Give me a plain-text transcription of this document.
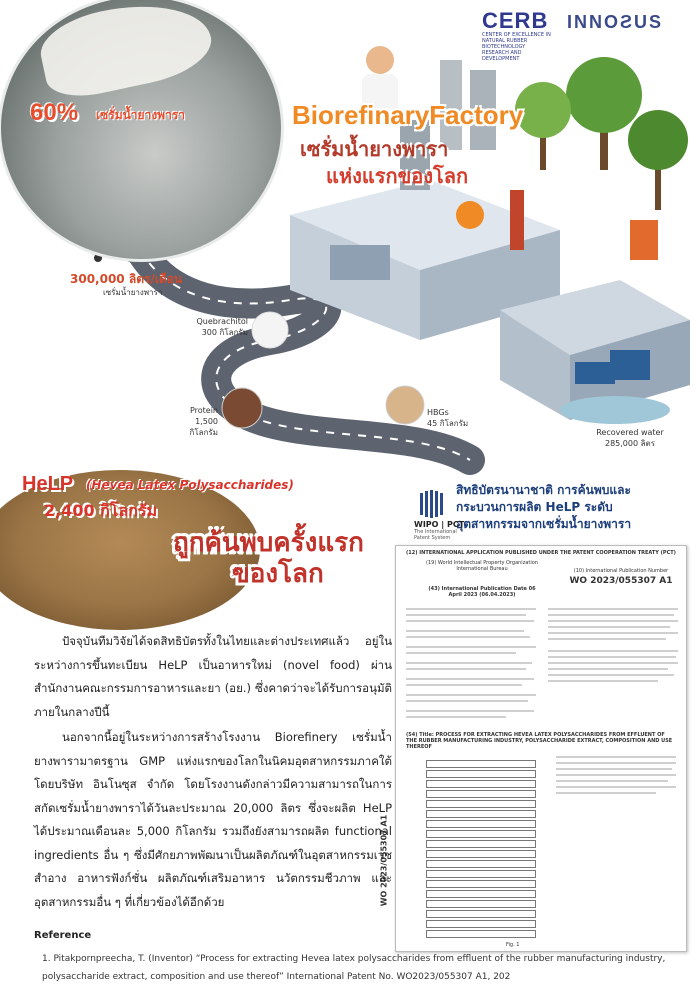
CERB
CENTER OF EXCELLENCE IN NATURAL RUBBER BIOTECHNOLOGY RESEARCH AND DEVELOPMENT
INNOƧUS
60% เซรั่มน้ำยางพารา	BiorefinaryFactory
เซรั่มน้ำยางพารา
แห่งแรกของโลก
300,000 ลิตร/เดือน
เซรั่มน้ำยางพารา
Quebrachitol
300 กิโลกรัม
Protein
1,500 กิโลกรัม
HBGs
45 กิโลกรัม
Recovered water
285,000 ลิตร
HeLP (Hevea Latex Polysaccharides)
2,400 กิโลกรัม
ถูกค้นพบครั้งแรก
ของโลก
สิทธิบัตรนานาชาติ การค้นพบและ
กระบวนการผลิต HeLP ระดับ
อุตสาหกรรมจากเซรั่มน้ำยางพารา
WIPO | PCT
The International Patent System
(12) INTERNATIONAL APPLICATION PUBLISHED UNDER THE PATENT COOPERATION TREATY (PCT)
(19) World Intellectual Property Organization International Bureau	(10) International Publication Number
WO 2023/055307 A1
(43) International Publication Date 06 April 2023 (06.04.2023)
(54) Title: PROCESS FOR EXTRACTING HEVEA LATEX POLYSACCHARIDES FROM EFFLUENT OF THE RUBBER MANUFACTURING INDUSTRY, POLYSACCHARIDE EXTRACT, COMPOSITION AND USE THEREOF
Fig. 1
WO 2023/055307 A1
ปัจจุบันทีมวิจัยได้จดสิทธิบัตรทั้งในไทยและต่างประเทศแล้ว อยู่ในระหว่างการขึ้นทะเบียน HeLP เป็นอาหารใหม่ (novel food) ผ่านสำนักงานคณะกรรมการอาหารและยา (อย.) ซึ่งคาดว่าจะได้รับการอนุมัติภายในกลางปีนี้
นอกจากนี้อยู่ในระหว่างการสร้างโรงงาน Biorefinery เซรั่มน้ำยางพารามาตรฐาน GMP แห่งแรกของโลกในนิคมอุตสาหกรรมภาคใต้ โดยบริษัท อินโนซุส จำกัด โดยโรงงานดังกล่าวมีความสามารถในการสกัดเซรั่มน้ำยางพาราได้วันละประมาณ 20,000 ลิตร ซึ่งจะผลิต HeLP ได้ประมาณเดือนละ 5,000 กิโลกรัม รวมถึงยังสามารถผลิต functional ingredients อื่น ๆ ซึ่งมีศักยภาพพัฒนาเป็นผลิตภัณฑ์ในอุตสาหกรรมเวชสำอาง อาหารฟังก์ชั่น ผลิตภัณฑ์เสริมอาหาร นวัตกรรมชีวภาพ และอุตสาหกรรมอื่น ๆ ที่เกี่ยวข้องได้อีกด้วย
Reference
1. Pitakpornpreecha, T. (Inventor) “Process for extracting Hevea latex polysaccharides from effluent of the rubber manufacturing industry, polysaccharide extract, composition and use thereof” International Patent No. WO2023/055307 A1, 202
